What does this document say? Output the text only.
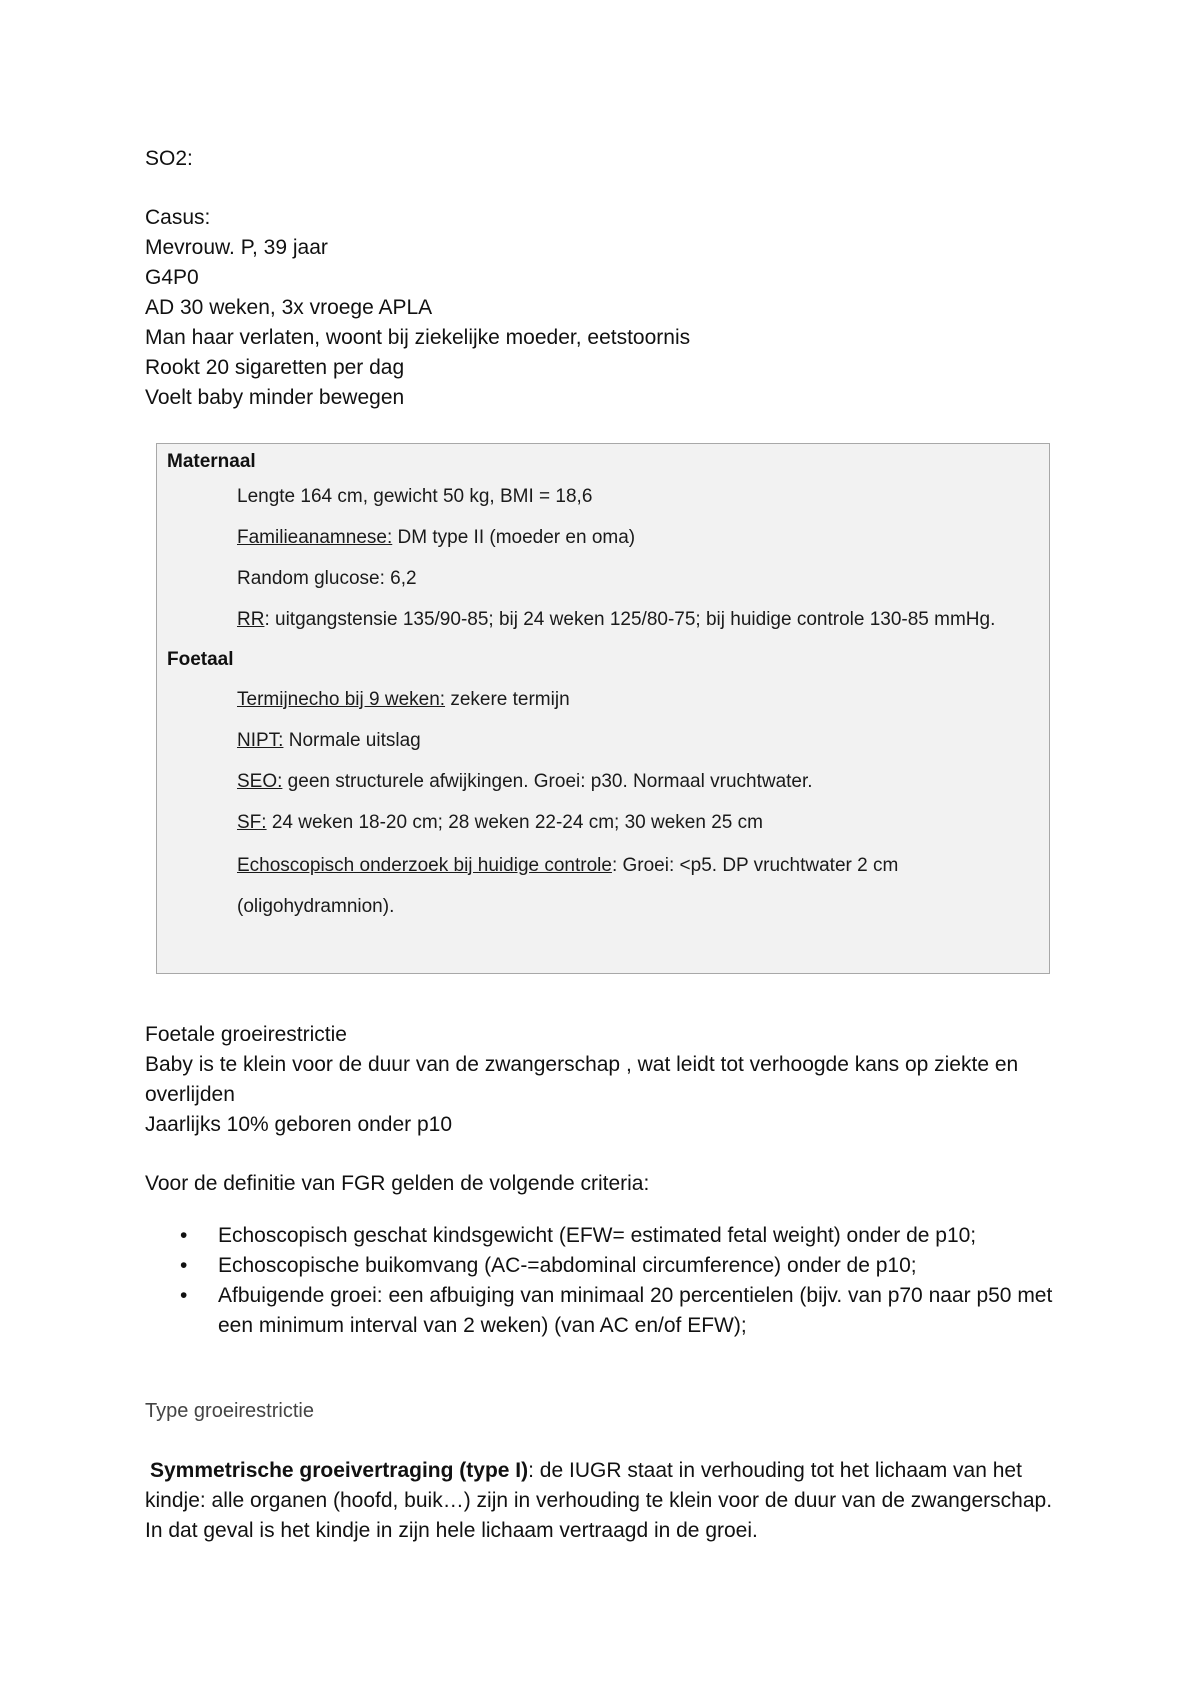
SO2:
Casus:
Mevrouw. P, 39 jaar
G4P0
AD 30 weken, 3x vroege APLA
Man haar verlaten, woont bij ziekelijke moeder, eetstoornis
Rookt 20 sigaretten per dag
Voelt baby minder bewegen
Maternaal
Lengte 164 cm, gewicht 50 kg, BMI = 18,6
Familieanamnese: DM type II (moeder en oma)
Random glucose: 6,2
RR: uitgangstensie 135/90-85; bij 24 weken 125/80-75; bij huidige controle 130-85 mmHg.
Foetaal
Termijnecho bij 9 weken: zekere termijn
NIPT: Normale uitslag
SEO: geen structurele afwijkingen. Groei: p30. Normaal vruchtwater.
SF: 24 weken 18-20 cm; 28 weken 22-24 cm; 30 weken 25 cm
Echoscopisch onderzoek bij huidige controle: Groei: <p5. DP vruchtwater 2 cm
(oligohydramnion).
Foetale groeirestrictie
Baby is te klein voor de duur van de zwangerschap , wat leidt tot verhoogde kans op ziekte en overlijden
Jaarlijks 10% geboren onder p10
Voor de definitie van FGR gelden de volgende criteria:
• Echoscopisch geschat kindsgewicht (EFW= estimated fetal weight) onder de p10;
• Echoscopische buikomvang (AC-=abdominal circumference) onder de p10;
• Afbuigende groei: een afbuiging van minimaal 20 percentielen (bijv. van p70 naar p50 met een minimum interval van 2 weken) (van AC en/of EFW);
Type groeirestrictie
Symmetrische groeivertraging (type I): de IUGR staat in verhouding tot het lichaam van het kindje: alle organen (hoofd, buik…) zijn in verhouding te klein voor de duur van de zwangerschap. In dat geval is het kindje in zijn hele lichaam vertraagd in de groei.
